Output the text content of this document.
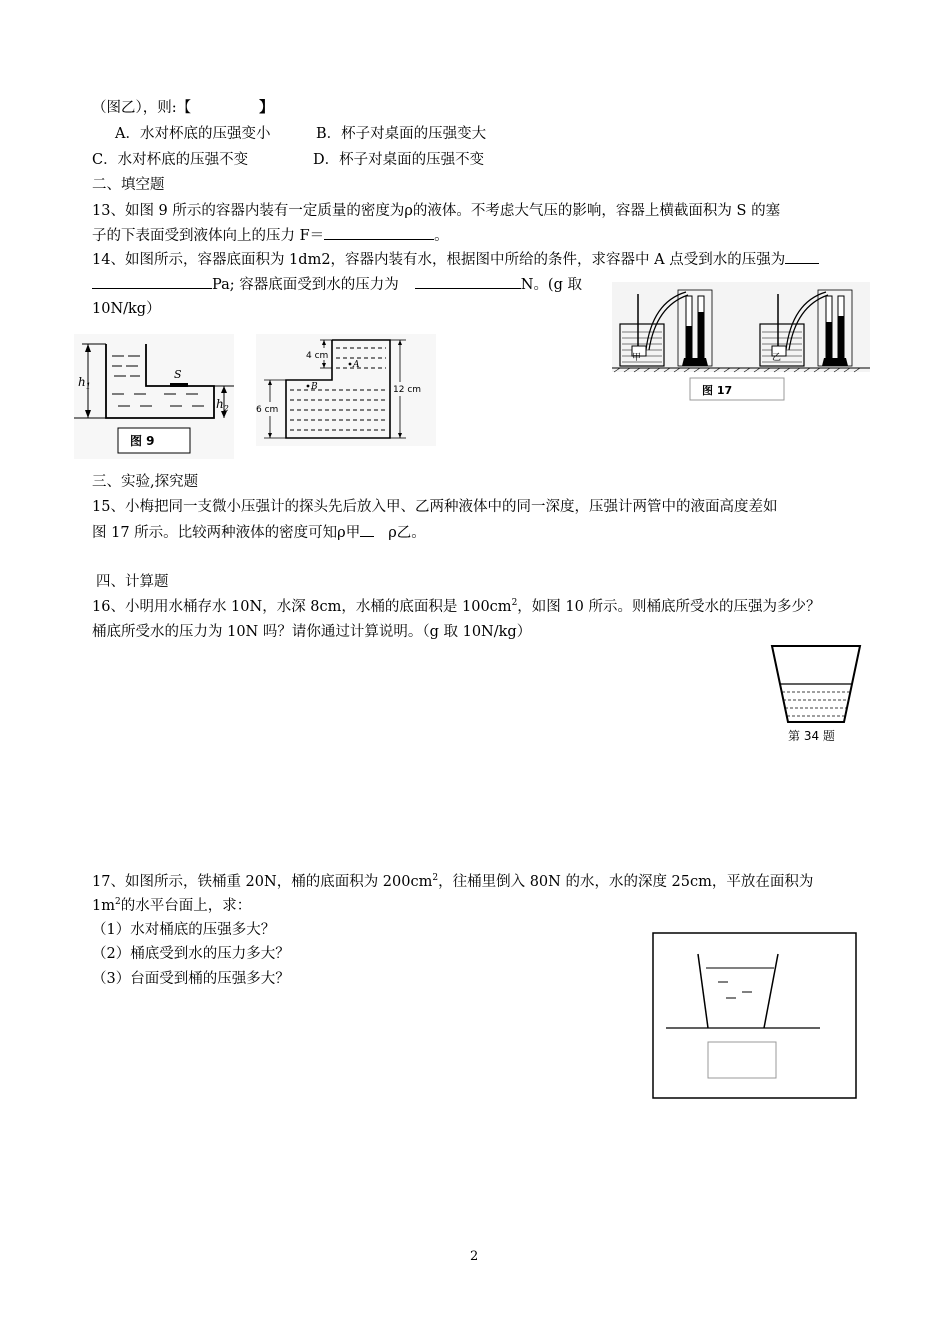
（图乙），则:【	】
A．水对杯底的压强变小	B．杯子对桌面的压强变大
C．水对杯底的压强不变	D．杯子对桌面的压强不变
二、填空题
13、如图 9 所示的容器内装有一定质量的密度为ρ的液体。不考虑大气压的影响，容器上横截面积为 S 的塞
子的下表面受到液体向上的压力 F＝	。
14、如图所示，容器底面积为 1dm2，容器内装有水，根据图中所给的条件，求容器中 A 点受到水的压强为
Pa; 容器底面受到水的压力为	N。(g 取
10N/kg）
三、实验,探究题
15、小梅把同一支微小压强计的探头先后放入甲、乙两种液体中的同一深度，压强计两管中的液面高度差如
图 17 所示。比较两种液体的密度可知ρ甲 ρ乙。
四、计算题
16、小明用水桶存水 10N，水深 8cm，水桶的底面积是 $100cm^2$，如图 10 所示。则桶底所受水的压强为多少？
桶底所受水的压力为 10N 吗？请你通过计算说明。（g 取 10N/kg）
17、如图所示，铁桶重 20N，桶的底面积为 $200cm^2$，往桶里倒入 80N 的水，水的深度 25cm，平放在面积为
$1m^2$的水平台面上，求：
（1）水对桶底的压强多大？
（2）桶底受到水的压力多大？
（3）台面受到桶的压强多大？
S
$h_1$
$h_2$
图 9
A
B
4 cm
6 cm
12 cm
甲	乙
图 17
第 34 题
2
